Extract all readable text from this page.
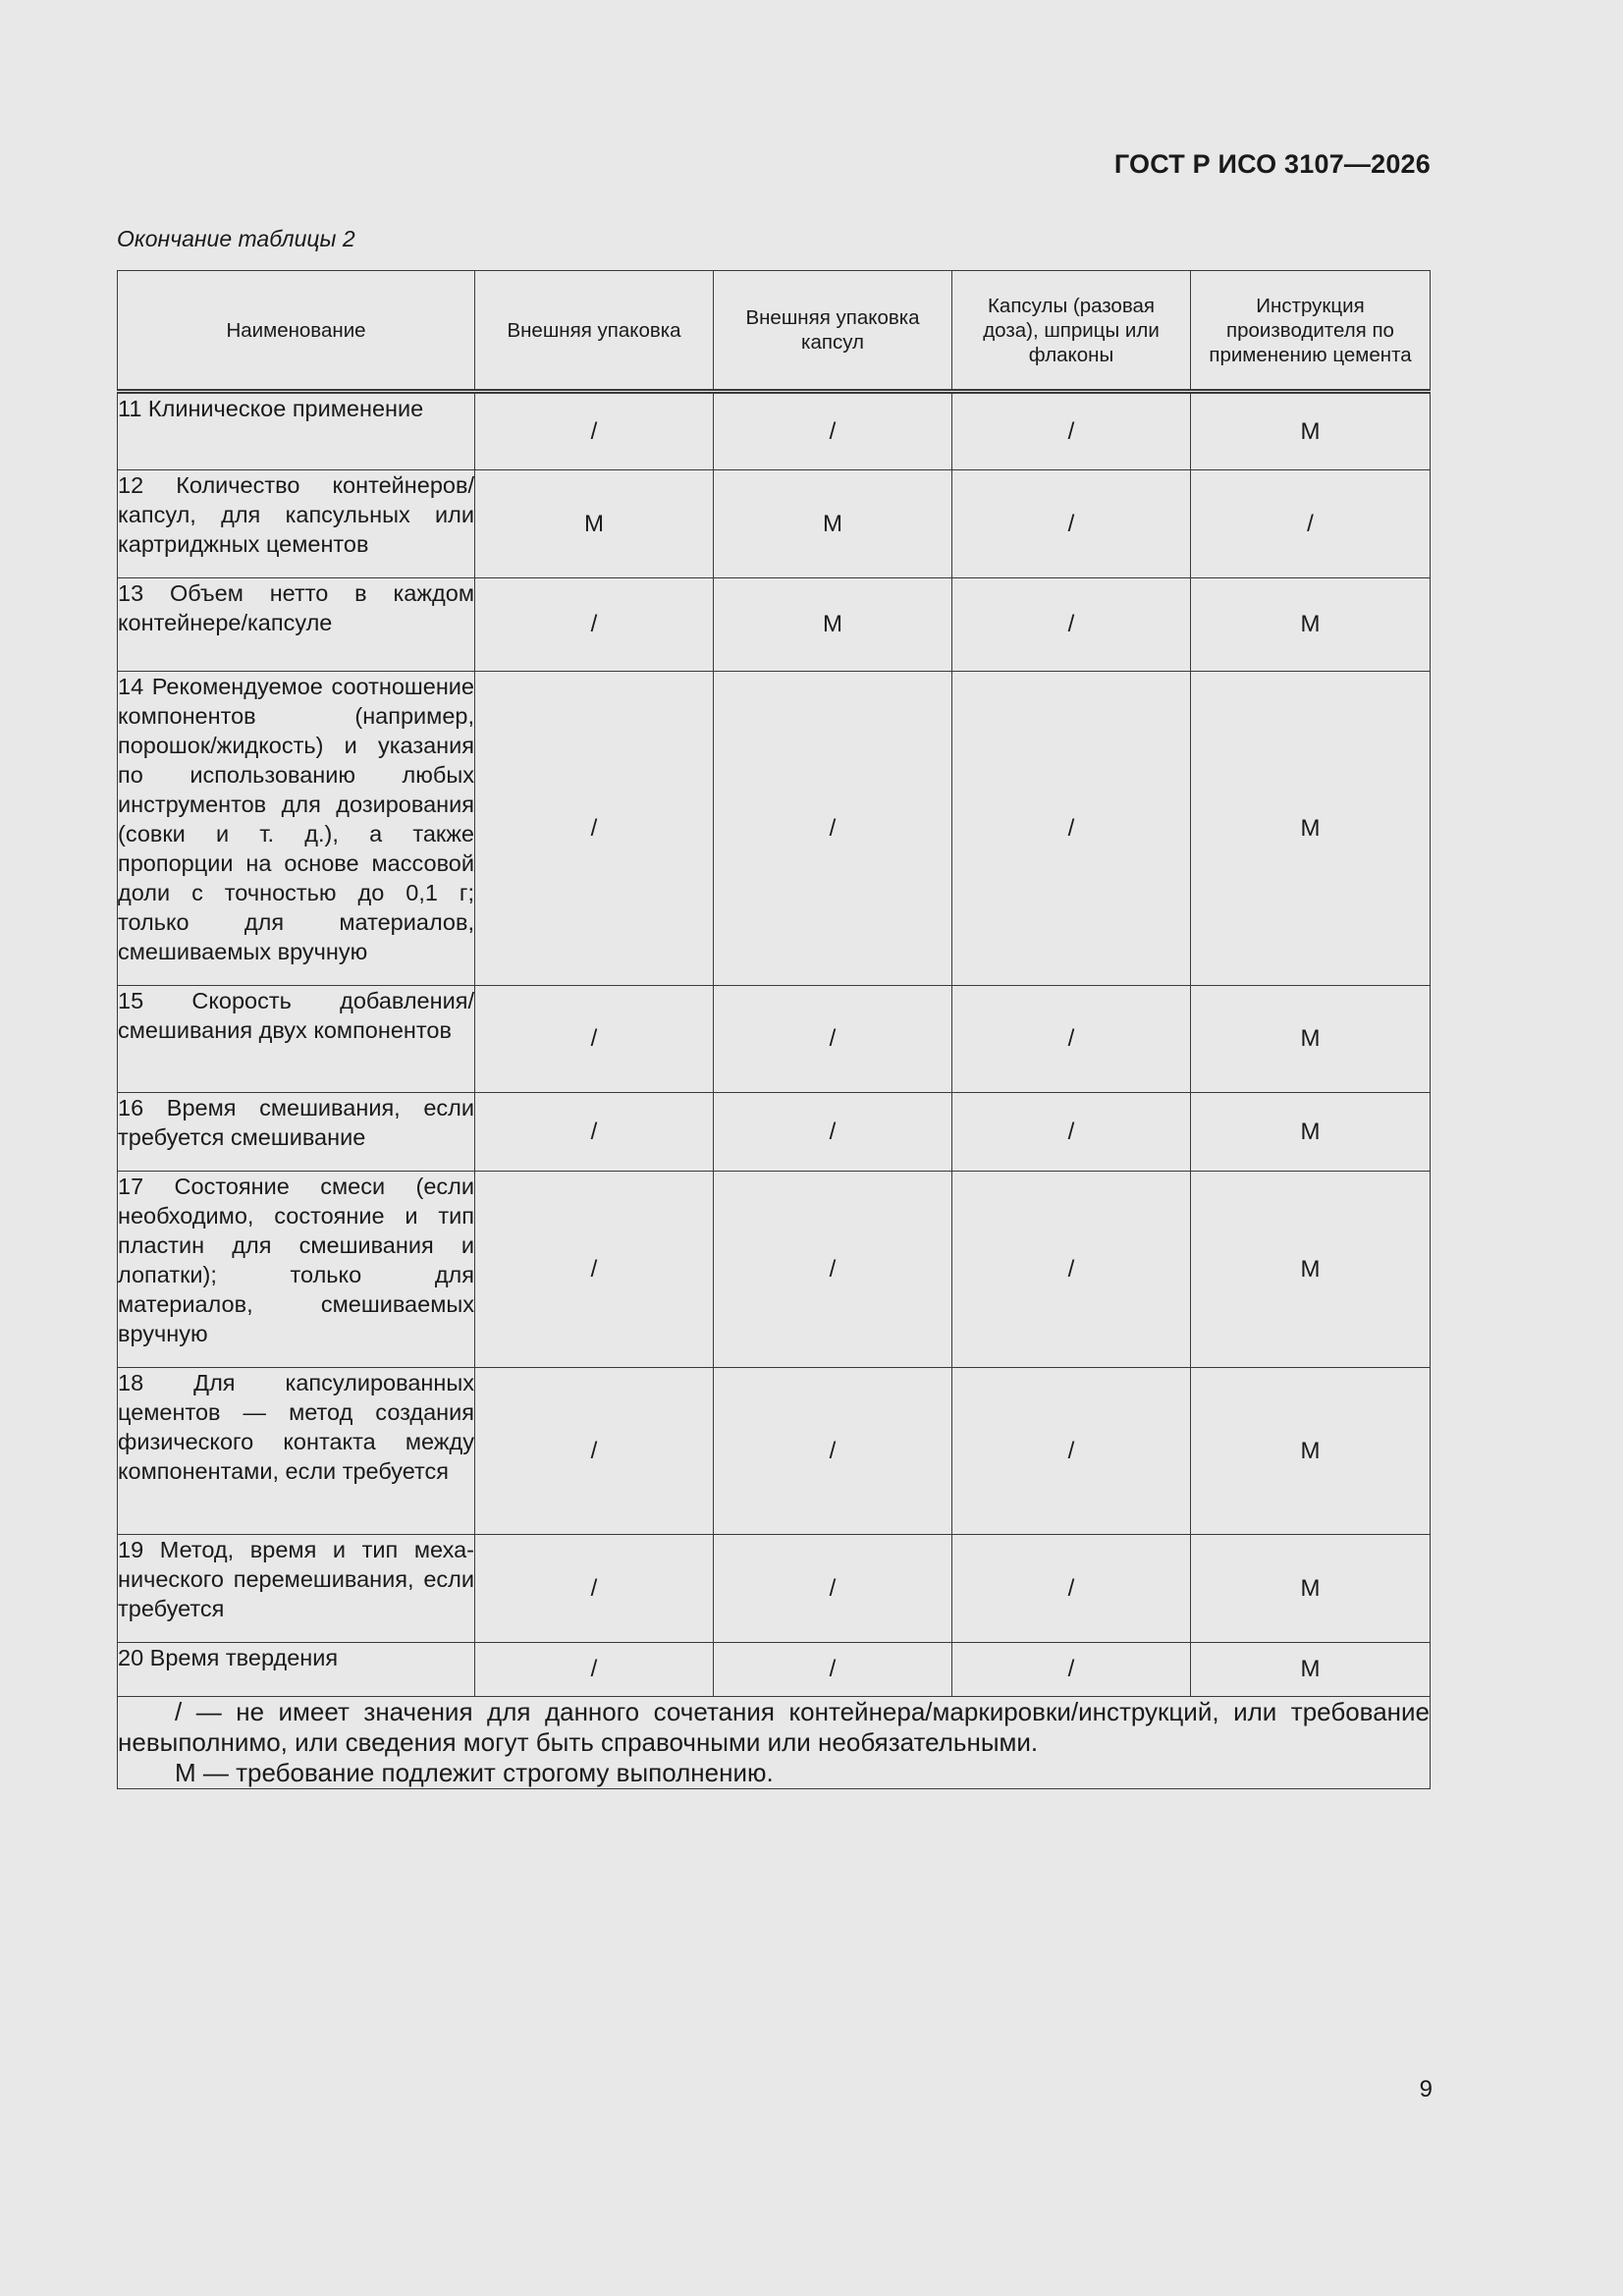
ГОСТ Р ИСО 3107—2026
Окончание таблицы 2
Наименование	Внешняя упаковка	Внешняя упаковка капсул	Капсулы (разовая доза), шприцы или флаконы	Инструкция производителя по применению цемента
11 Клиническое применение	/	/	/	M
12 Количество контейнеров/капсул, для капсульных или картриджных цементов	M	M	/	/
13 Объем нетто в каждом контейнере/капсуле	/	M	/	M
14 Рекомендуемое соотношение компонентов (например, порошок/жидкость) и указания по использованию любых инструментов для дозирования (совки и т. д.), а также пропорции на основе массовой доли с точностью до 0,1 г; только для материалов, смешиваемых вручную	/	/	/	M
15 Скорость добавления/ смешивания двух компонентов	/	/	/	M
16 Время смешивания, если требуется смешивание	/	/	/	M
17 Состояние смеси (если необходимо, состояние и тип пластин для смешивания и лопатки); только для материалов, смешиваемых вручную	/	/	/	M
18 Для капсулированных цементов — метод создания физического контакта между компонентами, если требуется	/	/	/	M
19 Метод, время и тип механического перемешивания, если требуется	/	/	/	M
20 Время твердения	/	/	/	M

/ — не имеет значения для данного сочетания контейнера/маркировки/инструкций, или требование невыполнимо, или сведения могут быть справочными или необязательными.

M — требование подлежит строгому выполнению.				

9
